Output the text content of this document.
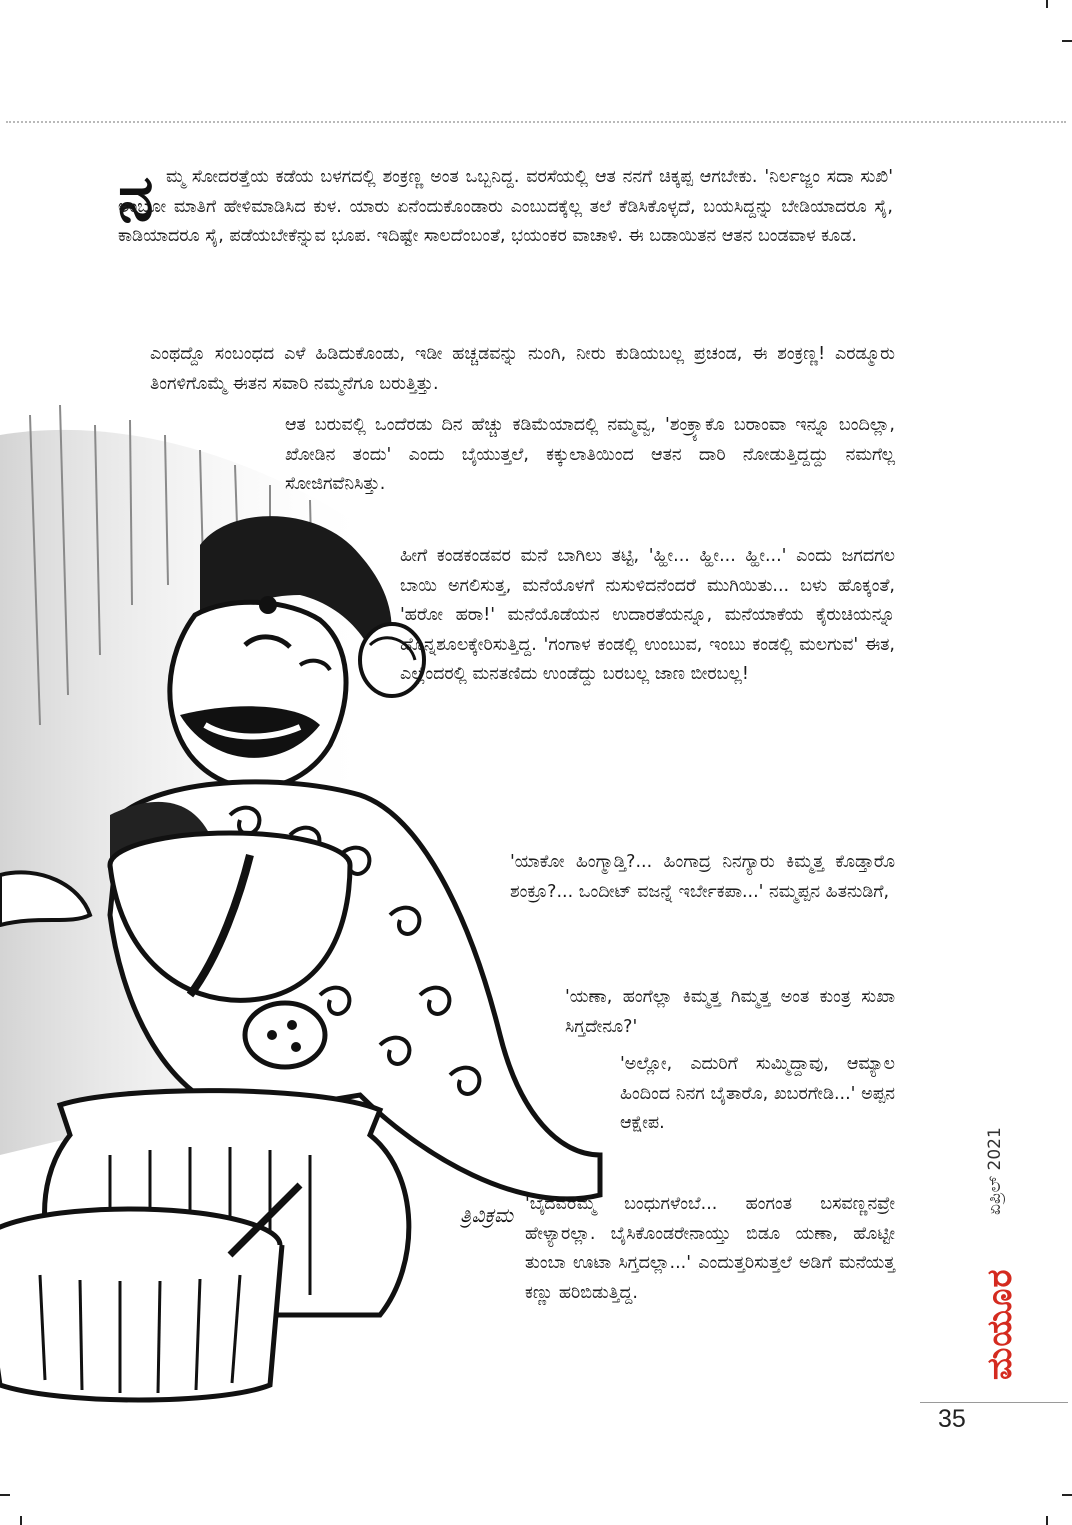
ತ್ರಿವಿಕ್ರಮ
ನ ಮ್ಮ ಸೋದರತ್ತೆಯ ಕಡೆಯ ಬಳಗದಲ್ಲಿ ಶಂಕ್ರಣ್ಣ ಅಂತ ಒಬ್ಬನಿದ್ದ. ವರಸೆಯಲ್ಲಿ ಆತ ನನಗೆ ಚಿಕ್ಕಪ್ಪ ಆಗಬೇಕು. 'ನಿರ್ಲಜ್ಜಂ ಸದಾ ಸುಖಿ' ಅಂಬೋ ಮಾತಿಗೆ ಹೇಳಿಮಾಡಿಸಿದ ಕುಳ. ಯಾರು ಏನೆಂದುಕೊಂಡಾರು ಎಂಬುದಕ್ಕೆಲ್ಲ ತಲೆ ಕೆಡಿಸಿಕೊಳ್ಳದೆ, ಬಯಸಿದ್ದನ್ನು ಬೇಡಿಯಾದರೂ ಸೈ, ಕಾಡಿಯಾದರೂ ಸೈ, ಪಡೆಯಬೇಕೆನ್ನುವ ಭೂಪ. ಇದಿಷ್ಟೇ ಸಾಲದೆಂಬಂತೆ, ಭಯಂಕರ ವಾಚಾಳಿ. ಈ ಬಡಾಯಿತನ ಆತನ ಬಂಡವಾಳ ಕೂಡ.

ಎಂಥದ್ದೊ ಸಂಬಂಧದ ಎಳೆ ಹಿಡಿದುಕೊಂಡು, ಇಡೀ ಹಚ್ಚಡವನ್ನು ನುಂಗಿ, ನೀರು ಕುಡಿಯಬಲ್ಲ ಪ್ರಚಂಡ, ಈ ಶಂಕ್ರಣ್ಣ! ಎರಡ್ಮೂರು ತಿಂಗಳಿಗೊಮ್ಮೆ ಈತನ ಸವಾರಿ ನಮ್ಮನೆಗೂ ಬರುತ್ತಿತ್ತು.

ಆತ ಬರುವಲ್ಲಿ ಒಂದೆರಡು ದಿನ ಹೆಚ್ಚು ಕಡಿಮೆಯಾದಲ್ಲಿ ನಮ್ಮವ್ವ, 'ಶಂಕ್ರ್ಯಾಕೊ ಬರಾಂವಾ ಇನ್ನೂ ಬಂದಿಲ್ಲಾ, ಖೋಡಿನ ತಂದು' ಎಂದು ಬೈಯುತ್ತಲೆ, ಕಕ್ಕುಲಾತಿಯಿಂದ ಆತನ ದಾರಿ ನೋಡುತ್ತಿದ್ದದ್ದು ನಮಗೆಲ್ಲ ಸೋಜಿಗವೆನಿಸಿತ್ತು.

ಹೀಗೆ ಕಂಡಕಂಡವರ ಮನೆ ಬಾಗಿಲು ತಟ್ಟಿ, 'ಹ್ಹೀ... ಹ್ಹೀ... ಹ್ಹೀ...' ಎಂದು ಜಗದಗಲ ಬಾಯಿ ಅಗಲಿಸುತ್ತ, ಮನೆಯೊಳಗೆ ನುಸುಳಿದನೆಂದರೆ ಮುಗಿಯಿತು... ಬಳು ಹೊಕ್ಕಂತೆ, 'ಹರೋ ಹರಾ!' ಮನೆಯೊಡೆಯನ ಉದಾರತೆಯನ್ನೂ, ಮನೆಯಾಕೆಯ ಕೈರುಚಿಯನ್ನೂ ಹೊನ್ನಶೂಲಕ್ಕೇರಿಸುತ್ತಿದ್ದ. 'ಗಂಗಾಳ ಕಂಡಲ್ಲಿ ಉಂಬುವ, ಇಂಬು ಕಂಡಲ್ಲಿ ಮಲಗುವ' ಈತ, ಎಲ್ಲೆಂದರಲ್ಲಿ ಮನತಣಿದು ಉಂಡೆದ್ದು ಬರಬಲ್ಲ ಜಾಣ ಬೀರಬಲ್ಲ!

'ಯಾಕೋ ಹಿಂಗ್ಮಾಡ್ತಿ?... ಹಿಂಗಾದ್ರ ನಿನಗ್ಯಾರು ಕಿಮ್ಮತ್ತ ಕೊಡ್ತಾರೊ ಶಂಕ್ರೂ?... ಒಂದೀಟ್ ವಜನ್ನೆ ಇರ್ಬೇಕಪಾ...' ನಮ್ಮಪ್ಪನ ಹಿತನುಡಿಗೆ,

'ಯಣಾ, ಹಂಗೆಲ್ಲಾ ಕಿಮ್ಮತ್ತ ಗಿಮ್ಮತ್ತ ಅಂತ ಕುಂತ್ರ ಸುಖಾ ಸಿಗ್ತದೇನೂ?'

'ಅಲ್ಲೋ, ಎದುರಿಗೆ ಸುಮ್ಮಿದ್ದಾವು, ಆಮ್ಯಾಲ ಹಿಂದಿಂದ ನಿನಗ ಬೈತಾರೊ, ಖಬರಗೇಡಿ...' ಅಪ್ಪನ ಆಕ್ಷೇಪ.

'ಬೈದವರೆಮ್ಮ ಬಂಧುಗಳೆಂಬೆ... ಹಂಗಂತ ಬಸವಣ್ಣನವ್ರೇ ಹೇಳ್ಯಾರಲ್ಲಾ. ಬೈಸಿಕೊಂಡರೇನಾಯ್ತು ಬಿಡೂ ಯಣಾ, ಹೊಟ್ಟೀ ತುಂಬಾ ಊಟಾ ಸಿಗ್ತದಲ್ಲಾ...' ಎಂದುತ್ತರಿಸುತ್ತಲೆ ಅಡಿಗೆ ಮನೆಯತ್ತ ಕಣ್ಣು ಹರಿಬಿಡುತ್ತಿದ್ದ.

ಏಪ್ರಿಲ್ 2021
ಮಯೂರ
35
